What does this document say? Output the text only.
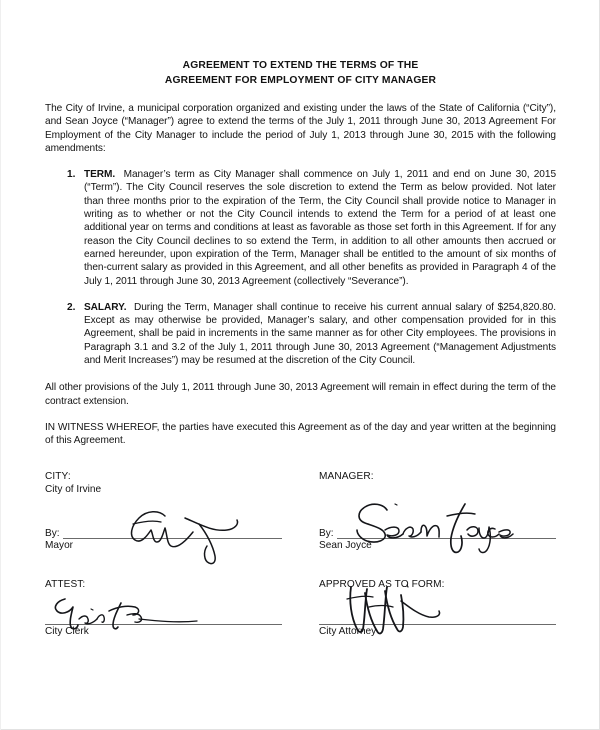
AGREEMENT TO EXTEND THE TERMS OF THE
AGREEMENT FOR EMPLOYMENT OF CITY MANAGER

The City of Irvine, a municipal corporation organized and existing under the laws of the State of California (“City”), and Sean Joyce (“Manager”) agree to extend the terms of the July 1, 2011 through June 30, 2013 Agreement For Employment of the City Manager to include the period of July 1, 2013 through June 30, 2015 with the following amendments:

1. TERM. Manager’s term as City Manager shall commence on July 1, 2011 and end on June 30, 2015 (“Term”). The City Council reserves the sole discretion to extend the Term as below provided. Not later than three months prior to the expiration of the Term, the City Council shall provide notice to Manager in writing as to whether or not the City Council intends to extend the Term for a period of at least one additional year on terms and conditions at least as favorable as those set forth in this Agreement. If for any reason the City Council declines to so extend the Term, in addition to all other amounts then accrued or earned hereunder, upon expiration of the Term, Manager shall be entitled to the amount of six months of then-current salary as provided in this Agreement, and all other benefits as provided in Paragraph 4 of the July 1, 2011 through June 30, 2013 Agreement (collectively “Severance”).
2. SALARY. During the Term, Manager shall continue to receive his current annual salary of $254,820.80. Except as may otherwise be provided, Manager’s salary, and other compensation provided for in this Agreement, shall be paid in increments in the same manner as for other City employees. The provisions in Paragraph 3.1 and 3.2 of the July 1, 2011 through June 30, 2013 Agreement (“Management Adjustments and Merit Increases”) may be resumed at the discretion of the City Council.

All other provisions of the July 1, 2011 through June 30, 2013 Agreement will remain in effect during the term of the contract extension.

IN WITNESS WHEREOF, the parties have executed this Agreement as of the day and year written at the beginning of this Agreement.

CITY:
City of Irvine
By:
Mayor
MANAGER:
By:
Sean Joyce
ATTEST:
City Clerk
APPROVED AS TO FORM:
City Attorney
